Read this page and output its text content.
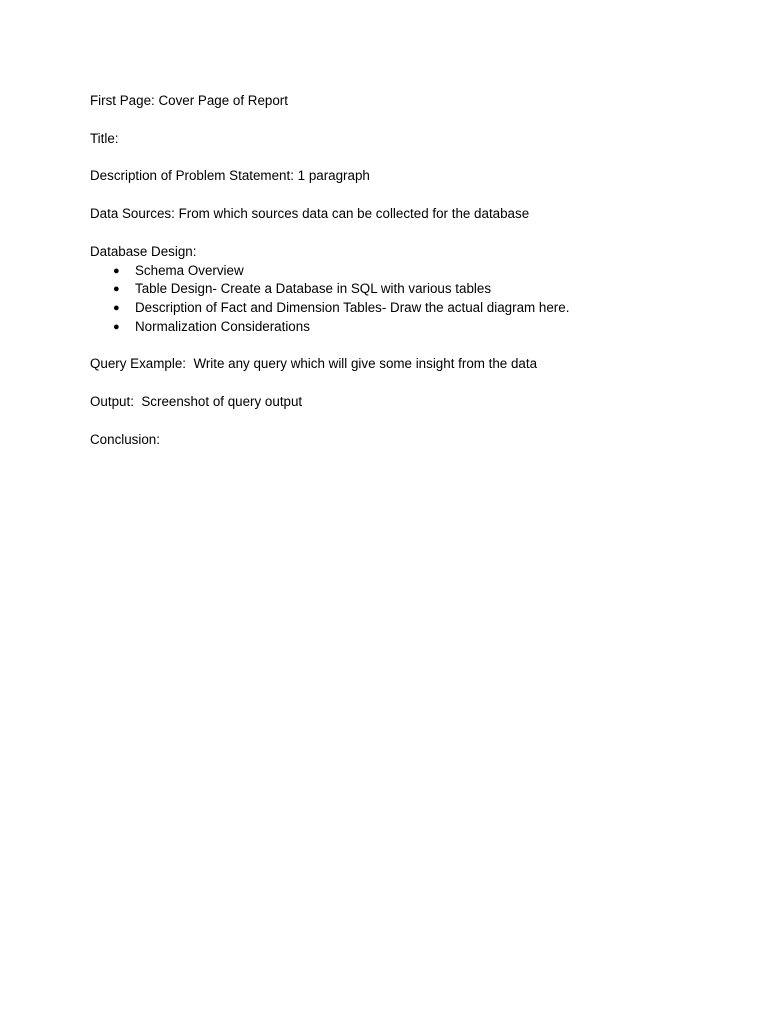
First Page: Cover Page of Report

Title:

Description of Problem Statement: 1 paragraph

Data Sources: From which sources data can be collected for the database

Database Design:

● Schema Overview
● Table Design- Create a Database in SQL with various tables
● Description of Fact and Dimension Tables- Draw the actual diagram here.
● Normalization Considerations

Query Example:  Write any query which will give some insight from the data

Output:  Screenshot of query output

Conclusion:
